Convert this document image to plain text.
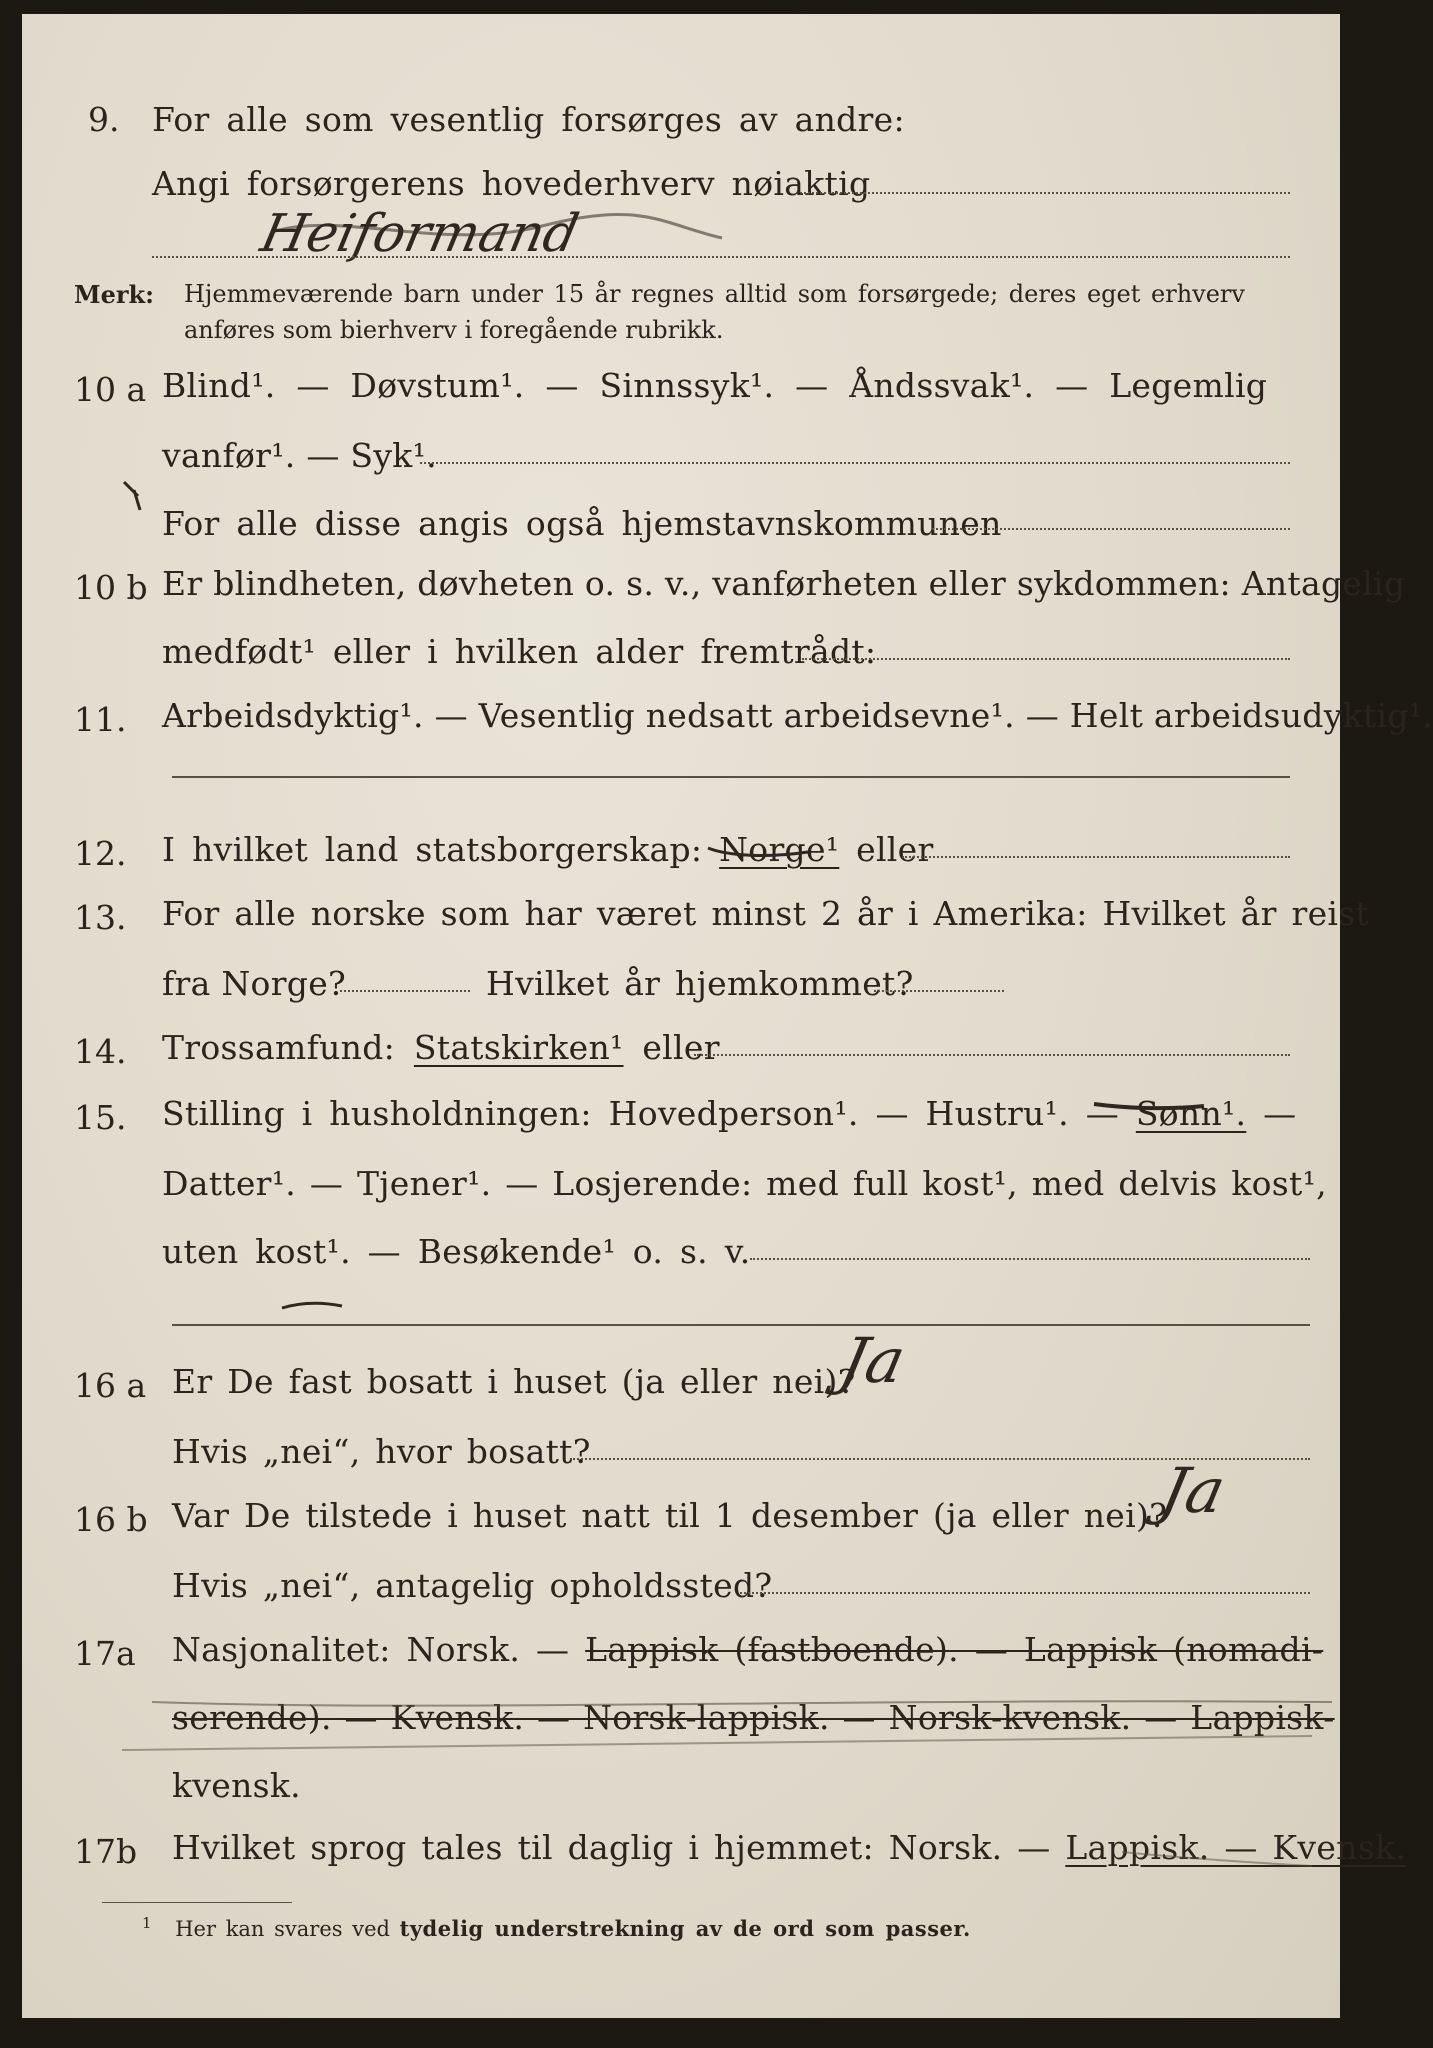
9. For alle som vesentlig forsørges av andre:
Angi forsørgerens hovederhverv nøiaktig
Heiformand
Merk: Hjemmeværende barn under 15 år regnes alltid som forsørgede; deres eget erhverv
anføres som bierhverv i foregående rubrikk.
10 a Blind¹. — Døvstum¹. — Sinnssyk¹. — Åndssvak¹. — Legemlig
vanfør¹. — Syk¹.
For alle disse angis også hjemstavnskommunen
10 b Er blindheten, døvheten o. s. v., vanførheten eller sykdommen: Antagelig
medfødt¹ eller i hvilken alder fremtrådt:
11. Arbeidsdyktig¹. — Vesentlig nedsatt arbeidsevne¹. — Helt arbeidsudyktig¹.
12. I hvilket land statsborgerskap: Norge¹ eller
13. For alle norske som har været minst 2 år i Amerika: Hvilket år reist
fra Norge?	Hvilket år hjemkommet?
14. Trossamfund: Statskirken¹ eller
15. Stilling i husholdningen: Hovedperson¹. — Hustru¹. — Sønn¹. —
Datter¹. — Tjener¹. — Losjerende: med full kost¹, med delvis kost¹,
uten kost¹. — Besøkende¹ o. s. v.
16 a Er De fast bosatt i huset (ja eller nei)?
Ja
Hvis „nei“, hvor bosatt?
16 b Var De tilstede i huset natt til 1 desember (ja eller nei)?
Ja
Hvis „nei“, antagelig opholdssted?
17a Nasjonalitet: Norsk. — Lappisk (fastboende). — Lappisk (nomadi-
serende). — Kvensk. — Norsk-lappisk. — Norsk-kvensk. — Lappisk-
kvensk.
17b Hvilket sprog tales til daglig i hjemmet: Norsk. — Lappisk. — Kvensk.
$^1$ Her kan svares ved tydelig understrekning av de ord som passer.
